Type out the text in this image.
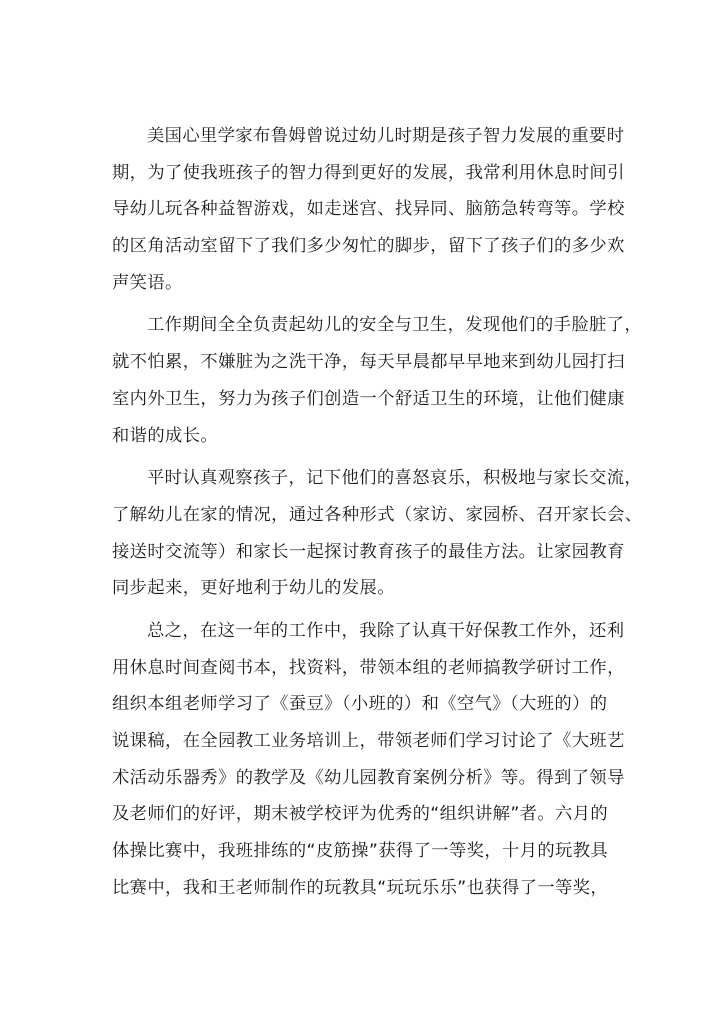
美国心里学家布鲁姆曾说过幼儿时期是孩子智力发展的重要时
期，为了使我班孩子的智力得到更好的发展，我常利用休息时间引
导幼儿玩各种益智游戏，如走迷宫、找异同、脑筋急转弯等。学校
的区角活动室留下了我们多少匆忙的脚步，留下了孩子们的多少欢
声笑语。
工作期间全全负责起幼儿的安全与卫生，发现他们的手脸脏了，
就不怕累，不嫌脏为之洗干净，每天早晨都早早地来到幼儿园打扫
室内外卫生，努力为孩子们创造一个舒适卫生的环境，让他们健康
和谐的成长。
平时认真观察孩子，记下他们的喜怒哀乐，积极地与家长交流，
了解幼儿在家的情况，通过各种形式（家访、家园桥、召开家长会、
接送时交流等）和家长一起探讨教育孩子的最佳方法。让家园教育
同步起来，更好地利于幼儿的发展。
总之，在这一年的工作中，我除了认真干好保教工作外，还利
用休息时间查阅书本，找资料，带领本组的老师搞教学研讨工作，
组织本组老师学习了《蚕豆》（小班的）和《空气》（大班的）的
说课稿，在全园教工业务培训上，带领老师们学习讨论了《大班艺
术活动乐器秀》的教学及《幼儿园教育案例分析》等。得到了领导
及老师们的好评，期末被学校评为优秀的“组织讲解”者。六月的
体操比赛中，我班排练的“皮筋操”获得了一等奖，十月的玩教具
比赛中，我和王老师制作的玩教具“玩玩乐乐”也获得了一等奖，
